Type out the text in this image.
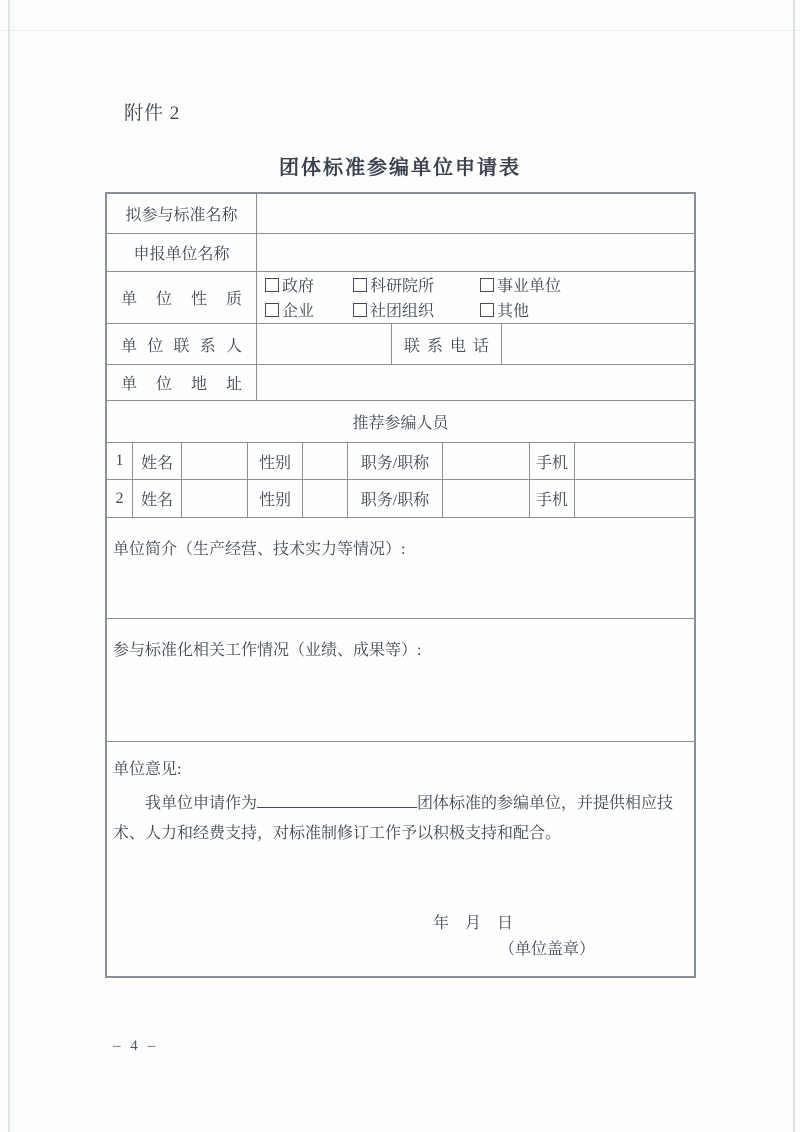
附件 2
团体标准参编单位申请表
拟参与标准名称
申报单位名称
单位性质
政府	科研院所	事业单位
企业	社团组织	其他
单位联系人	联系电话
单位地址
推荐参编人员
1	姓名	性别	职务/职称	手机
2	姓名	性别	职务/职称	手机
单位简介（生产经营、技术实力等情况）:
参与标准化相关工作情况（业绩、成果等）:
单位意见:
我单位申请作为	团体标准的参编单位，并提供相应技术、人力和经费支持，对标准制修订工作予以积极支持和配合。
年　月　日
（单位盖章）
– 4 –
